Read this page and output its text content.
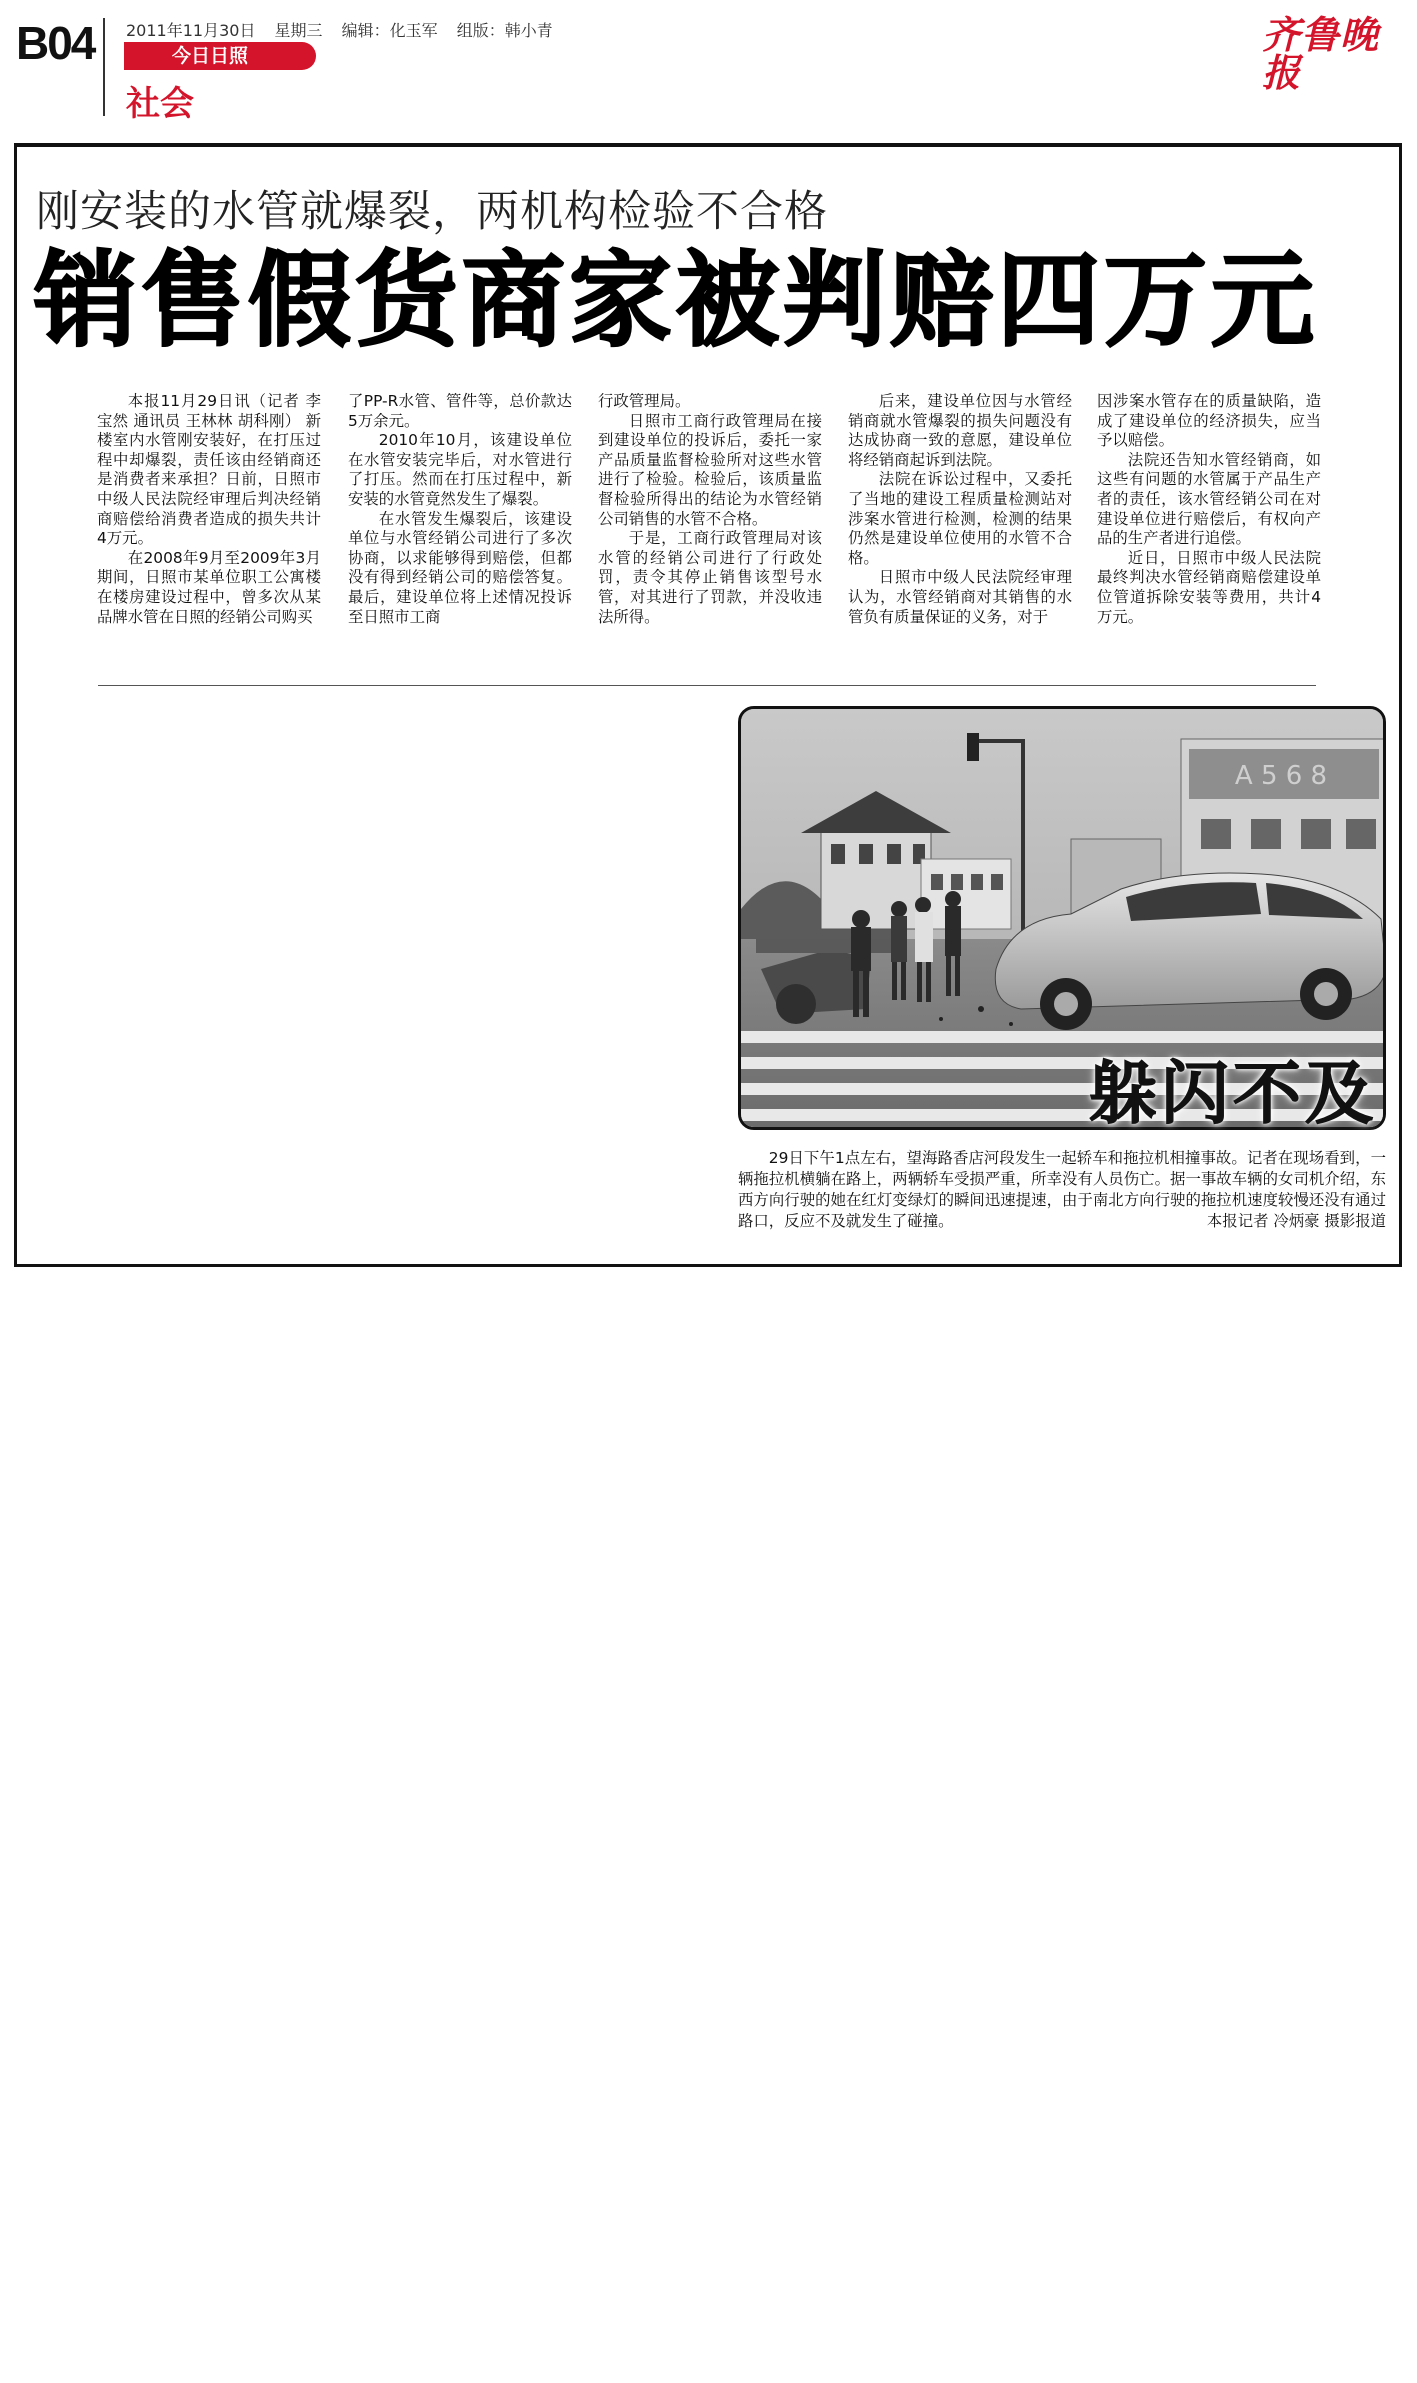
B04 2011年11月30日 星期三 编辑：化玉军 组版：韩小青
今日日照
社会
齐鲁晚报
刚安装的水管就爆裂，两机构检验不合格
销售假货商家被判赔四万元

本报11月29日讯（记者 李宝然 通讯员 王林林 胡科刚） 新楼室内水管刚安装好，在打压过程中却爆裂，责任该由经销商还是消费者来承担？日前，日照市中级人民法院经审理后判决经销商赔偿给消费者造成的损失共计4万元。

在2008年9月至2009年3月期间，日照市某单位职工公寓楼在楼房建设过程中，曾多次从某品牌水管在日照的经销公司购买

了PP-R水管、管件等，总价款达5万余元。

2010年10月，该建设单位在水管安装完毕后，对水管进行了打压。然而在打压过程中，新安装的水管竟然发生了爆裂。

在水管发生爆裂后，该建设单位与水管经销公司进行了多次协商，以求能够得到赔偿，但都没有得到经销公司的赔偿答复。最后，建设单位将上述情况投诉至日照市工商

行政管理局。

日照市工商行政管理局在接到建设单位的投诉后，委托一家产品质量监督检验所对这些水管进行了检验。检验后，该质量监督检验所得出的结论为水管经销公司销售的水管不合格。

于是，工商行政管理局对该水管的经销公司进行了行政处罚，责令其停止销售该型号水管，对其进行了罚款，并没收违法所得。

后来，建设单位因与水管经销商就水管爆裂的损失问题没有达成协商一致的意愿，建设单位将经销商起诉到法院。

法院在诉讼过程中，又委托了当地的建设工程质量检测站对涉案水管进行检测，检测的结果仍然是建设单位使用的水管不合格。

日照市中级人民法院经审理认为，水管经销商对其销售的水管负有质量保证的义务，对于

因涉案水管存在的质量缺陷，造成了建设单位的经济损失，应当予以赔偿。

法院还告知水管经销商，如这些有问题的水管属于产品生产者的责任，该水管经销公司在对建设单位进行赔偿后，有权向产品的生产者进行追偿。

近日，日照市中级人民法院最终判决水管经销商赔偿建设单位管道拆除安装等费用，共计4万元。

A 5 6 8
躲闪不及

29日下午1点左右，望海路香店河段发生一起轿车和拖拉机相撞事故。记者在现场看到，一辆拖拉机横躺在路上，两辆轿车受损严重，所幸没有人员伤亡。据一事故车辆的女司机介绍，东西方向行驶的她在红灯变绿灯的瞬间迅速提速，由于南北方向行驶的拖拉机速度较慢还没有通过路口，反应不及就发生了碰撞。	本报记者 冷炳豪 摄影报道
